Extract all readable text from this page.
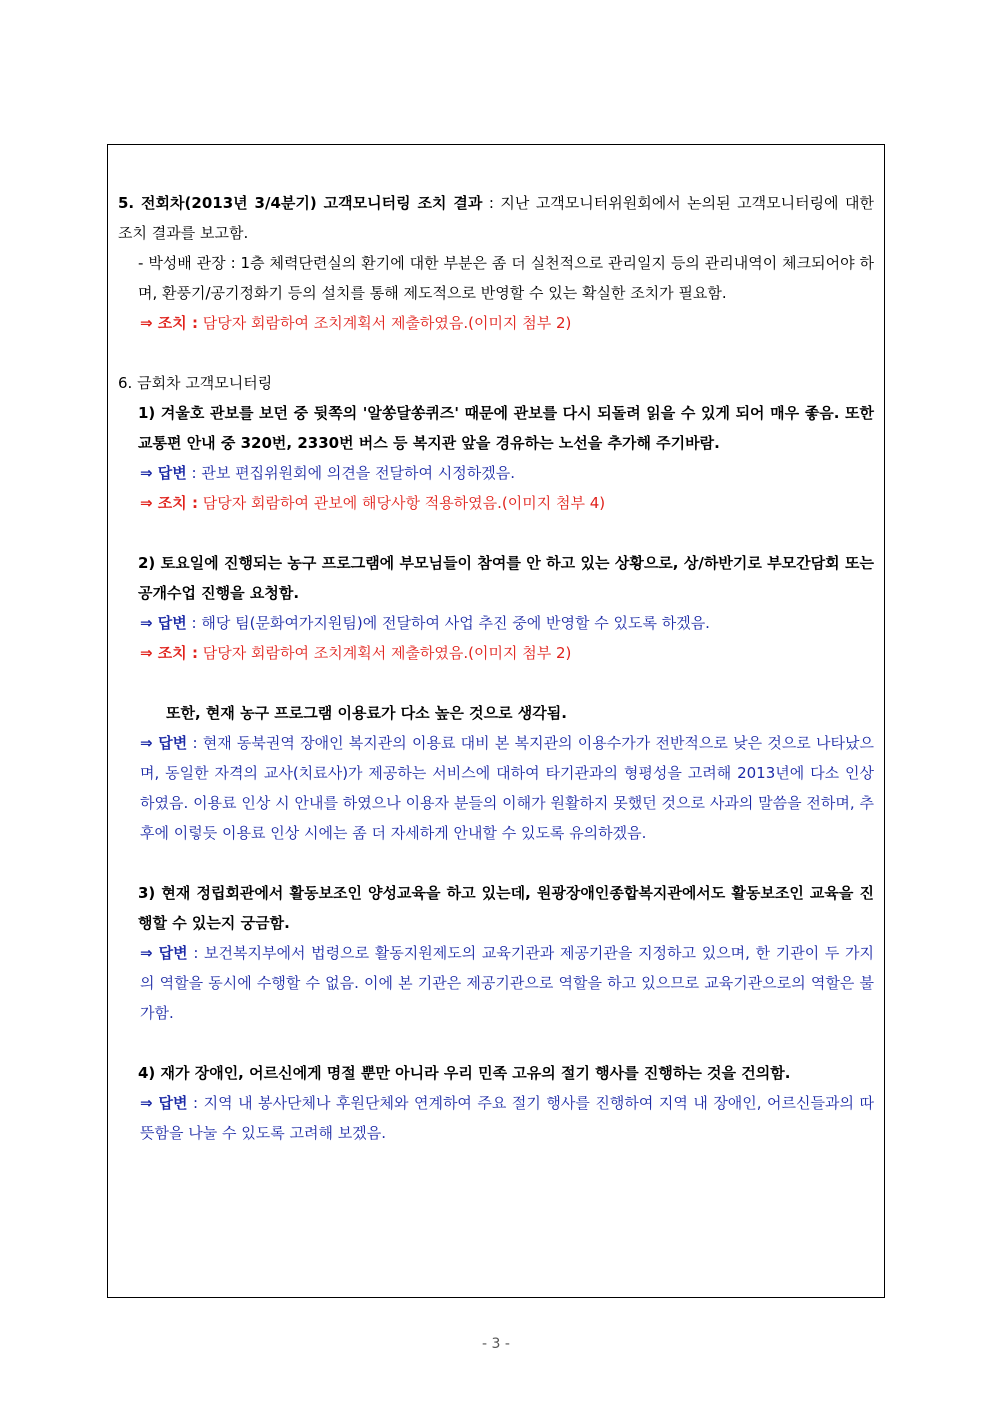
5. 전회차(2013년 3/4분기) 고객모니터링 조치 결과 : 지난 고객모니터위원회에서 논의된 고객모니터링에 대한 조치 결과를 보고함.

- 박성배 관장 : 1층 체력단련실의 환기에 대한 부분은 좀 더 실천적으로 관리일지 등의 관리내역이 체크되어야 하며, 환풍기/공기정화기 등의 설치를 통해 제도적으로 반영할 수 있는 확실한 조치가 필요함.

⇒ 조치 : 담당자 회람하여 조치계획서 제출하였음.(이미지 첨부 2)

6. 금회차 고객모니터링

1) 겨울호 관보를 보던 중 뒷쪽의 '알쏭달쏭퀴즈' 때문에 관보를 다시 되돌려 읽을 수 있게 되어 매우 좋음. 또한 교통편 안내 중 320번, 2330번 버스 등 복지관 앞을 경유하는 노선을 추가해 주기바람.

⇒ 답변 : 관보 편집위원회에 의견을 전달하여 시정하겠음.

⇒ 조치 : 담당자 회람하여 관보에 해당사항 적용하였음.(이미지 첨부 4)

2) 토요일에 진행되는 농구 프로그램에 부모님들이 참여를 안 하고 있는 상황으로, 상/하반기로 부모간담회 또는 공개수업 진행을 요청함.

⇒ 답변 : 해당 팀(문화여가지원팀)에 전달하여 사업 추진 중에 반영할 수 있도록 하겠음.

⇒ 조치 : 담당자 회람하여 조치계획서 제출하였음.(이미지 첨부 2)

또한, 현재 농구 프로그램 이용료가 다소 높은 것으로 생각됨.

⇒ 답변 : 현재 동북권역 장애인 복지관의 이용료 대비 본 복지관의 이용수가가 전반적으로 낮은 것으로 나타났으며, 동일한 자격의 교사(치료사)가 제공하는 서비스에 대하여 타기관과의 형평성을 고려해 2013년에 다소 인상하였음. 이용료 인상 시 안내를 하였으나 이용자 분들의 이해가 원활하지 못했던 것으로 사과의 말씀을 전하며, 추후에 이렇듯 이용료 인상 시에는 좀 더 자세하게 안내할 수 있도록 유의하겠음.

3) 현재 정립회관에서 활동보조인 양성교육을 하고 있는데, 원광장애인종합복지관에서도 활동보조인 교육을 진행할 수 있는지 궁금함.

⇒ 답변 : 보건복지부에서 법령으로 활동지원제도의 교육기관과 제공기관을 지정하고 있으며, 한 기관이 두 가지의 역할을 동시에 수행할 수 없음. 이에 본 기관은 제공기관으로 역할을 하고 있으므로 교육기관으로의 역할은 불가함.

4) 재가 장애인, 어르신에게 명절 뿐만 아니라 우리 민족 고유의 절기 행사를 진행하는 것을 건의함.

⇒ 답변 : 지역 내 봉사단체나 후원단체와 연계하여 주요 절기 행사를 진행하여 지역 내 장애인, 어르신들과의 따뜻함을 나눌 수 있도록 고려해 보겠음.

- 3 -
